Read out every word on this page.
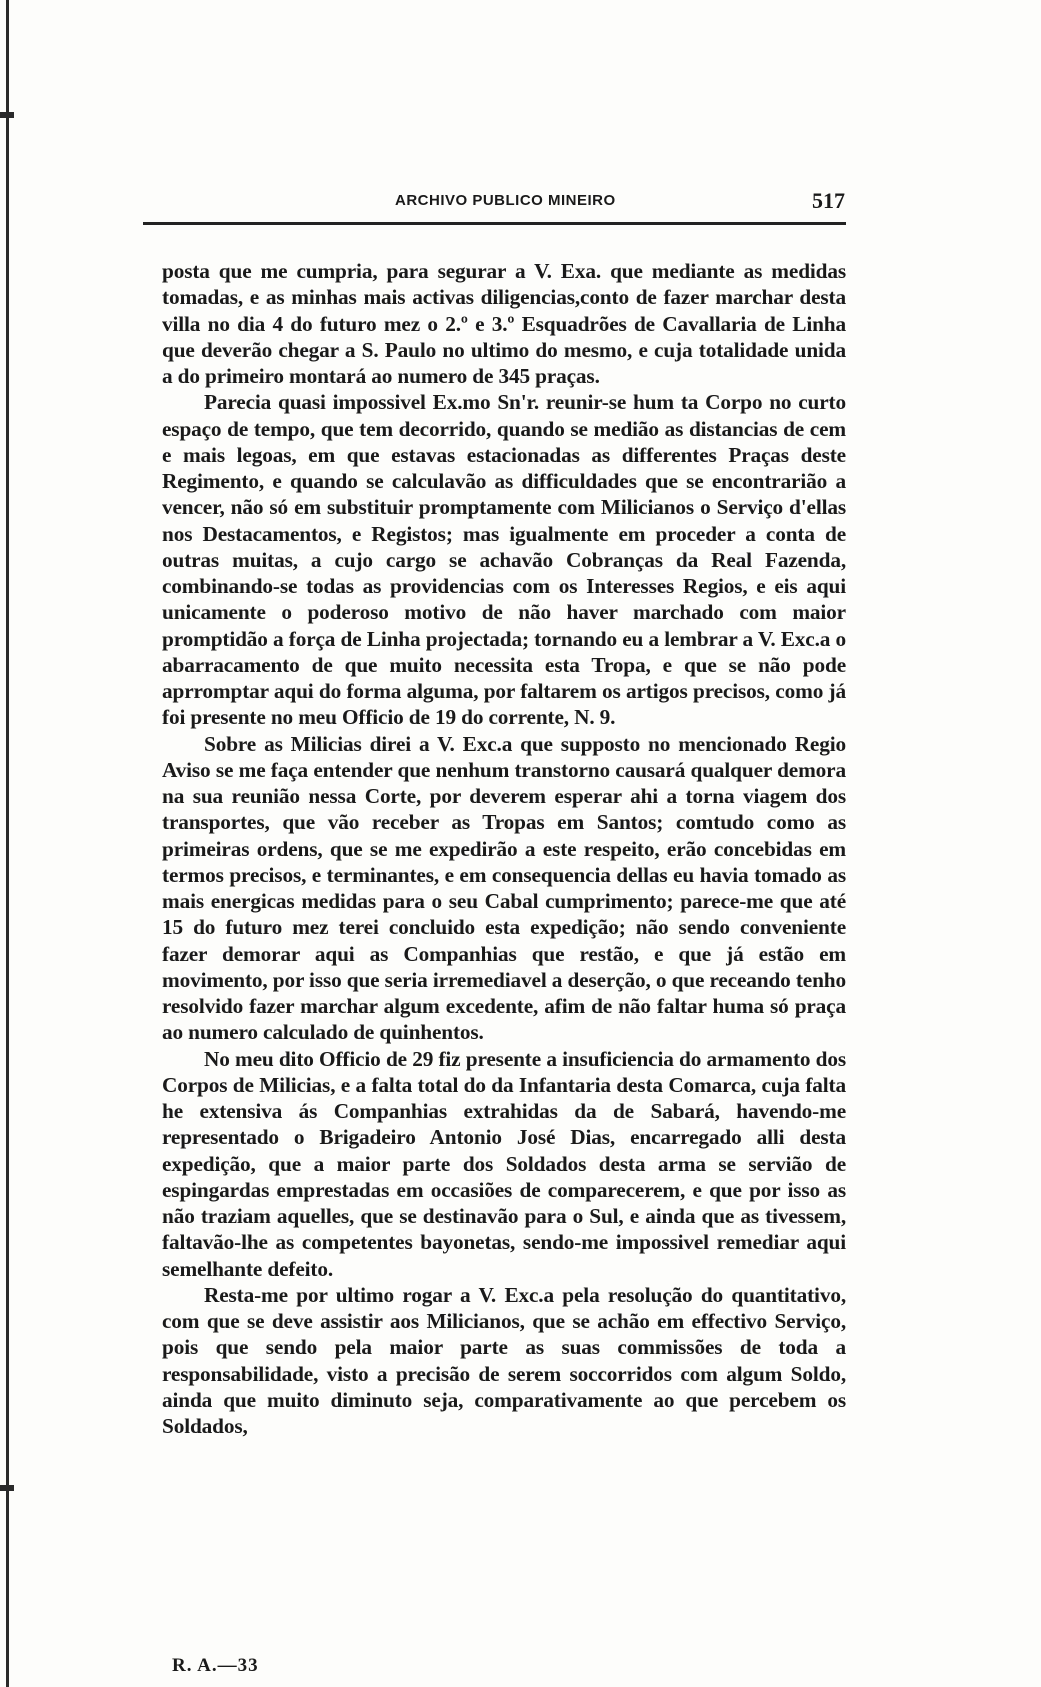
ARCHIVO PUBLICO MINEIRO	517

posta que me cumpria, para segurar a V. Exa. que mediante as medidas tomadas, e as minhas mais activas diligencias,conto de fazer marchar desta villa no dia 4 do futuro mez o 2.º e 3.º Esquadrões de Cavallaria de Linha que deverão chegar a S. Paulo no ultimo do mesmo, e cuja totalidade unida a do primeiro montará ao numero de 345 praças.

Parecia quasi impossivel Ex.mo Sn'r. reunir-se hum ta Corpo no curto espaço de tempo, que tem decorrido, quando se medião as distancias de cem e mais legoas, em que estavas estacionadas as differentes Praças deste Regimento, e quando se calculavão as difficuldades que se encontrarião a vencer, não só em substituir promptamente com Milicianos o Serviço d'ellas nos Destacamentos, e Registos; mas igualmente em proceder a conta de outras muitas, a cujo cargo se achavão Cobranças da Real Fazenda, combinando-se todas as providencias com os Interesses Regios, e eis aqui unicamente o poderoso motivo de não haver marchado com maior promptidão a força de Linha projectada; tornando eu a lembrar a V. Exc.a o abarracamento de que muito necessita esta Tropa, e que se não pode aprromptar aqui do forma alguma, por faltarem os artigos precisos, como já foi presente no meu Officio de 19 do corrente, N. 9.

Sobre as Milicias direi a V. Exc.a que supposto no mencionado Regio Aviso se me faça entender que nenhum transtorno causará qualquer demora na sua reunião nessa Corte, por deverem esperar ahi a torna viagem dos transportes, que vão receber as Tropas em Santos; comtudo como as primeiras ordens, que se me expedirão a este respeito, erão concebidas em termos precisos, e terminantes, e em consequencia dellas eu havia tomado as mais energicas medidas para o seu Cabal cumprimento; parece-me que até 15 do futuro mez terei concluido esta expedição; não sendo conveniente fazer demorar aqui as Companhias que restão, e que já estão em movimento, por isso que seria irremediavel a deserção, o que receando tenho resolvido fazer marchar algum excedente, afim de não faltar huma só praça ao numero calculado de quinhentos.

No meu dito Officio de 29 fiz presente a insuficiencia do armamento dos Corpos de Milicias, e a falta total do da Infantaria desta Comarca, cuja falta he extensiva ás Companhias extrahidas da de Sabará, havendo-me representado o Brigadeiro Antonio José Dias, encarregado alli desta expedição, que a maior parte dos Soldados desta arma se servião de espingardas emprestadas em occasiões de comparecerem, e que por isso as não traziam aquelles, que se destinavão para o Sul, e ainda que as tivessem, faltavão-lhe as competentes bayonetas, sendo-me impossivel remediar aqui semelhante defeito.

Resta-me por ultimo rogar a V. Exc.a pela resolução do quantitativo, com que se deve assistir aos Milicianos, que se achão em effectivo Serviço, pois que sendo pela maior parte as suas commissões de toda a responsabilidade, visto a precisão de serem soccorridos com algum Soldo, ainda que muito diminuto seja, comparativamente ao que percebem os Soldados,

R. A.—33
